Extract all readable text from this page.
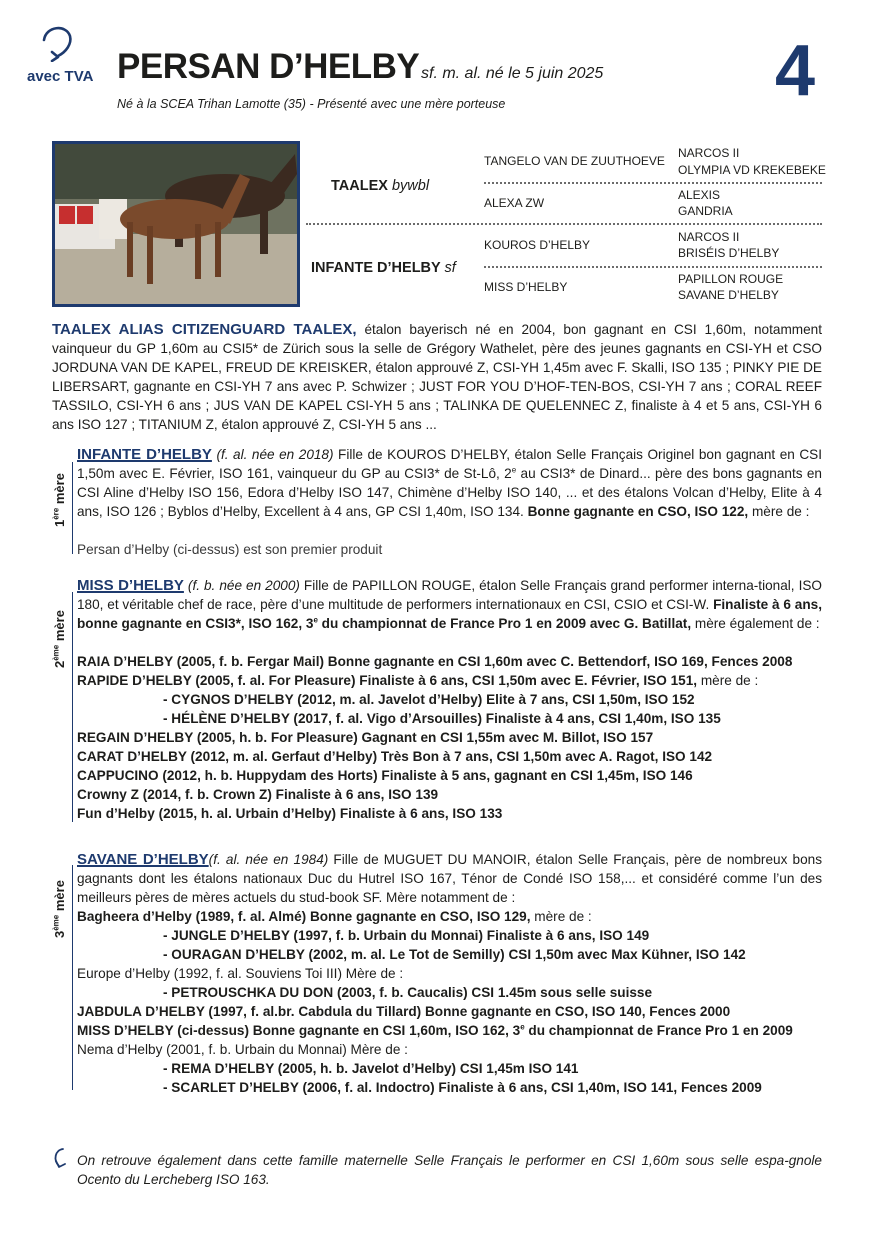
avec TVA PERSAN D’HELBY sf. m. al. né le 5 juin 2025 4
Né à la SCEA Trihan Lamotte (35) - Présenté avec une mère porteuse
TAALEX bywbl
INFANTE D’HELBY sf
TANGELO VAN DE ZUUTHOEVE
ALEXA ZW
KOUROS D’HELBY
MISS D’HELBY
NARCOS II
OLYMPIA VD KREKEBEKE
ALEXIS
GANDRIA
NARCOS II
BRISÉIS D’HELBY
PAPILLON ROUGE
SAVANE D’HELBY
TAALEX ALIAS CITIZENGUARD TAALEX, étalon bayerisch né en 2004, bon gagnant en CSI 1,60m, notamment vainqueur du GP 1,60m au CSI5* de Zürich sous la selle de Grégory Wathelet, père des jeunes gagnants en CSI-YH et CSO JORDUNA VAN DE KAPEL, FREUD DE KREISKER, étalon approuvé Z, CSI-YH 1,45m avec F. Skalli, ISO 135 ; PINKY PIE DE LIBERSART, gagnante en CSI-YH 7 ans avec P. Schwizer ; JUST FOR YOU D’HOF-TEN-BOS, CSI-YH 7 ans ; CORAL REEF TASSILO, CSI-YH 6 ans ; JUS VAN DE KAPEL CSI-YH 5 ans ; TALINKA DE QUELENNEC Z, finaliste à 4 et 5 ans, CSI-YH 6 ans ISO 127 ; TITANIUM Z, étalon approuvé Z, CSI-YH 5 ans ...
1ère mère
INFANTE D’HELBY (f. al. née en 2018) Fille de KOUROS D’HELBY, étalon Selle Français Originel bon gagnant en CSI 1,50m avec E. Février, ISO 161, vainqueur du GP au CSI3* de St-Lô, 2e au CSI3* de Dinard... père des bons gagnants en CSI Aline d’Helby ISO 156, Edora d’Helby ISO 147, Chimène d’Helby ISO 140, ... et des étalons Volcan d’Helby, Elite à 4 ans, ISO 126 ; Byblos d’Helby, Excellent à 4 ans, GP CSI 1,40m, ISO 134. Bonne gagnante en CSO, ISO 122, mère de :
Persan d’Helby (ci-dessus) est son premier produit
2ème mère
MISS D’HELBY (f. b. née en 2000) Fille de PAPILLON ROUGE, étalon Selle Français grand performer interna-tional, ISO 180, et véritable chef de race, père d’une multitude de performers internationaux en CSI, CSIO et CSI-W. Finaliste à 6 ans, bonne gagnante en CSI3*, ISO 162, 3e du championnat de France Pro 1 en 2009 avec G. Batillat, mère également de :
RAIA D’HELBY (2005, f. b. Fergar Mail) Bonne gagnante en CSI 1,60m avec C. Bettendorf, ISO 169, Fences 2008
RAPIDE D’HELBY (2005, f. al. For Pleasure) Finaliste à 6 ans, CSI 1,50m avec E. Février, ISO 151, mère de :
- CYGNOS D’HELBY (2012, m. al. Javelot d’Helby) Elite à 7 ans, CSI 1,50m, ISO 152
- HÉLÈNE D’HELBY (2017, f. al. Vigo d’Arsouilles) Finaliste à 4 ans, CSI 1,40m, ISO 135
REGAIN D’HELBY (2005, h. b. For Pleasure) Gagnant en CSI 1,55m avec M. Billot, ISO 157
CARAT D’HELBY (2012, m. al. Gerfaut d’Helby) Très Bon à 7 ans, CSI 1,50m avec A. Ragot, ISO 142
CAPPUCINO (2012, h. b. Huppydam des Horts) Finaliste à 5 ans, gagnant en CSI 1,45m, ISO 146
Crowny Z (2014, f. b. Crown Z) Finaliste à 6 ans, ISO 139
Fun d’Helby (2015, h. al. Urbain d’Helby) Finaliste à 6 ans, ISO 133
3ème mère
SAVANE D’HELBY(f. al. née en 1984) Fille de MUGUET DU MANOIR, étalon Selle Français, père de nombreux bons gagnants dont les étalons nationaux Duc du Hutrel ISO 167, Ténor de Condé ISO 158,... et considéré comme l’un des meilleurs pères de mères actuels du stud-book SF. Mère notamment de :
Bagheera d’Helby (1989, f. al. Almé) Bonne gagnante en CSO, ISO 129, mère de :
- JUNGLE D’HELBY (1997, f. b. Urbain du Monnai) Finaliste à 6 ans, ISO 149
- OURAGAN D’HELBY (2002, m. al. Le Tot de Semilly) CSI 1,50m avec Max Kühner, ISO 142
Europe d’Helby (1992, f. al. Souviens Toi III) Mère de :
- PETROUSCHKA DU DON (2003, f. b. Caucalis) CSI 1.45m sous selle suisse
JABDULA D’HELBY (1997, f. al.br. Cabdula du Tillard) Bonne gagnante en CSO, ISO 140, Fences 2000
MISS D’HELBY (ci-dessus) Bonne gagnante en CSI 1,60m, ISO 162, 3e du championnat de France Pro 1 en 2009
Nema d’Helby (2001, f. b. Urbain du Monnai) Mère de :
- REMA D’HELBY (2005, h. b. Javelot d’Helby) CSI 1,45m ISO 141
- SCARLET D’HELBY (2006, f. al. Indoctro) Finaliste à 6 ans, CSI 1,40m, ISO 141, Fences 2009
On retrouve également dans cette famille maternelle Selle Français le performer en CSI 1,60m sous selle espa-gnole Ocento du Lercheberg ISO 163.
